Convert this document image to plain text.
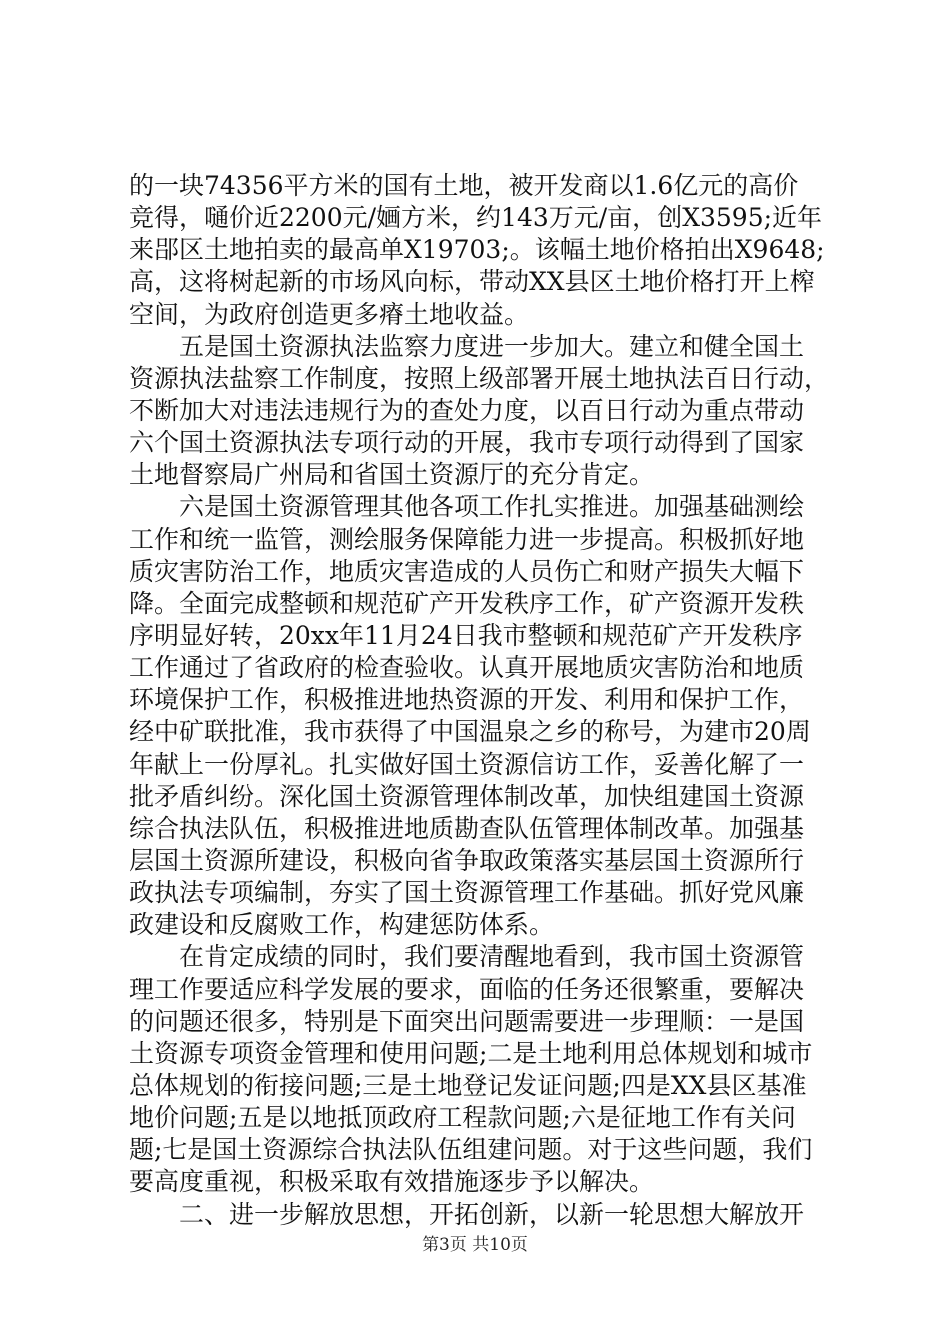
的一块74356平方米的国有土地，被开发商以1.6亿元的高价
竞得，嗵价近2200元/婳方米，约143万元/亩，创X3595;近年
来郘区土地拍卖的最高单X19703;。该幅土地价格拍出X9648;
高，这将树起新的市场风向标，带动XX县区土地价格打开上榨
空间，为政府创造更多瘠土地收益。
　　五是国土资源执法监察力度进一步加大。建立和健全国土
资源执法盐察工作制度，按照上级部署开展土地执法百日行动，
不断加大对违法违规行为的查处力度，以百日行动为重点带动
六个国土资源执法专项行动的开展，我市专项行动得到了国家
土地督察局广州局和省国土资源厅的充分肯定。
　　六是国土资源管理其他各项工作扎实推进。加强基础测绘
工作和统一监管，测绘服务保障能力进一步提高。积极抓好地
质灾害防治工作，地质灾害造成的人员伤亡和财产损失大幅下
降。全面完成整顿和规范矿产开发秩序工作，矿产资源开发秩
序明显好转，20xx年11月24日我市整顿和规范矿产开发秩序
工作通过了省政府的检查验收。认真开展地质灾害防治和地质
环境保护工作，积极推进地热资源的开发、利用和保护工作，
经中矿联批准，我市获得了中国温泉之乡的称号，为建市20周
年献上一份厚礼。扎实做好国土资源信访工作，妥善化解了一
批矛盾纠纷。深化国土资源管理体制改革，加快组建国土资源
综合执法队伍，积极推进地质勘查队伍管理体制改革。加强基
层国土资源所建设，积极向省争取政策落实基层国土资源所行
政执法专项编制，夯实了国土资源管理工作基础。抓好党风廉
政建设和反腐败工作，构建惩防体系。
　　在肯定成绩的同时，我们要清醒地看到，我市国土资源管
理工作要适应科学发展的要求，面临的任务还很繁重，要解决
的问题还很多，特别是下面突出问题需要进一步理顺：一是国
土资源专项资金管理和使用问题;二是土地利用总体规划和城市
总体规划的衔接问题;三是土地登记发证问题;四是XX县区基准
地价问题;五是以地抵顶政府工程款问题;六是征地工作有关问
题;七是国土资源综合执法队伍组建问题。对于这些问题，我们
要高度重视，积极采取有效措施逐步予以解决。
　　二、进一步解放思想，开拓创新，以新一轮思想大解放开
第3页 共10页
